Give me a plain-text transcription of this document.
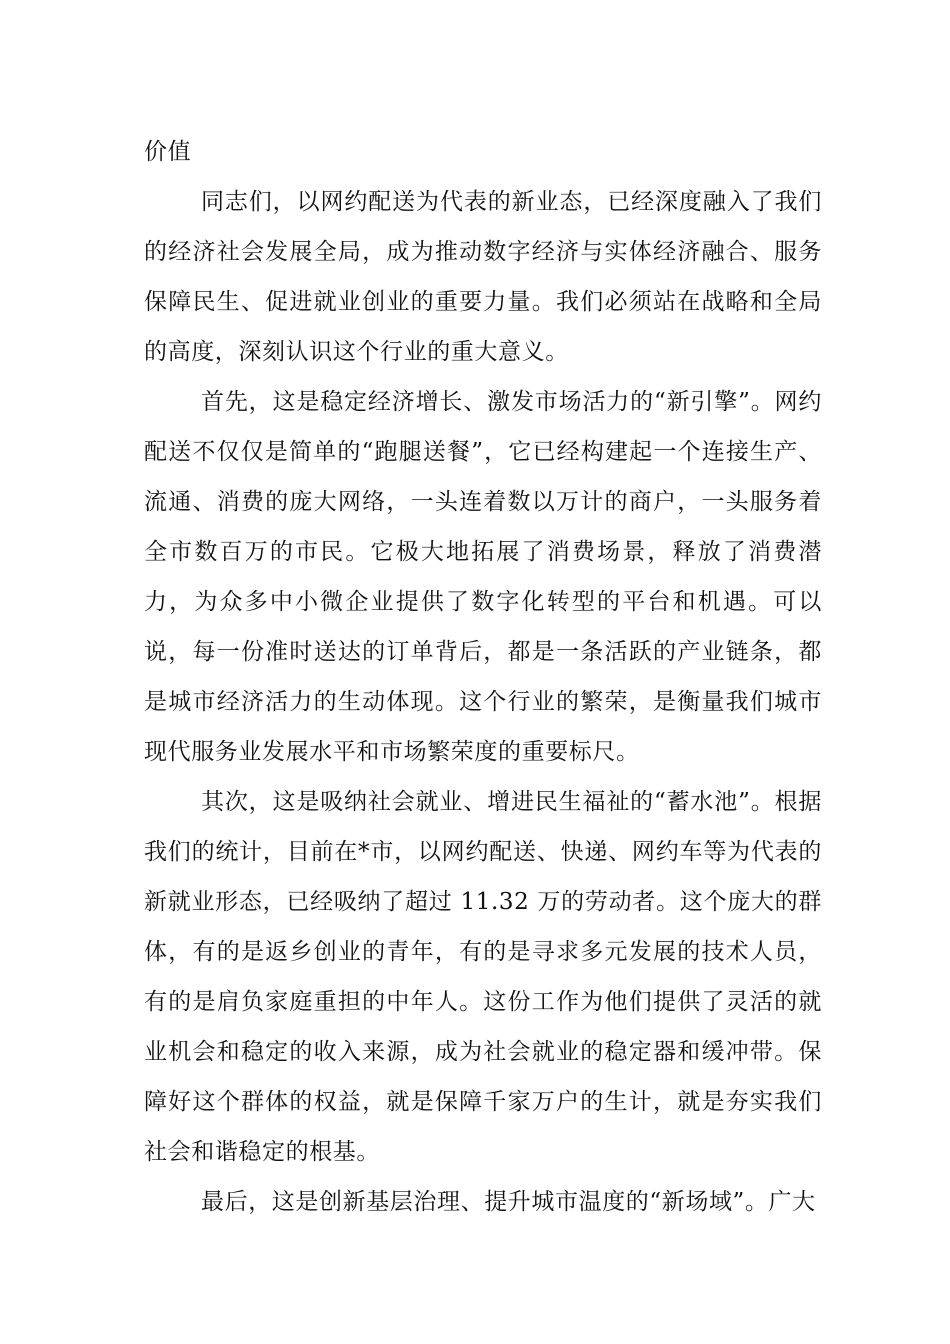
价值

同志们，以网约配送为代表的新业态，已经深度融入了我们的经济社会发展全局，成为推动数字经济与实体经济融合、服务保障民生、促进就业创业的重要力量。我们必须站在战略和全局的高度，深刻认识这个行业的重大意义。

首先，这是稳定经济增长、激发市场活力的“新引擎”。网约配送不仅仅是简单的“跑腿送餐”，它已经构建起一个连接生产、流通、消费的庞大网络，一头连着数以万计的商户，一头服务着全市数百万的市民。它极大地拓展了消费场景，释放了消费潜力，为众多中小微企业提供了数字化转型的平台和机遇。可以说，每一份准时送达的订单背后，都是一条活跃的产业链条，都是城市经济活力的生动体现。这个行业的繁荣，是衡量我们城市现代服务业发展水平和市场繁荣度的重要标尺。

其次，这是吸纳社会就业、增进民生福祉的“蓄水池”。根据我们的统计，目前在*市，以网约配送、快递、网约车等为代表的新就业形态，已经吸纳了超过 11.32 万的劳动者。这个庞大的群体，有的是返乡创业的青年，有的是寻求多元发展的技术人员，有的是肩负家庭重担的中年人。这份工作为他们提供了灵活的就业机会和稳定的收入来源，成为社会就业的稳定器和缓冲带。保障好这个群体的权益，就是保障千家万户的生计，就是夯实我们社会和谐稳定的根基。

最后，这是创新基层治理、提升城市温度的“新场域”。广大
